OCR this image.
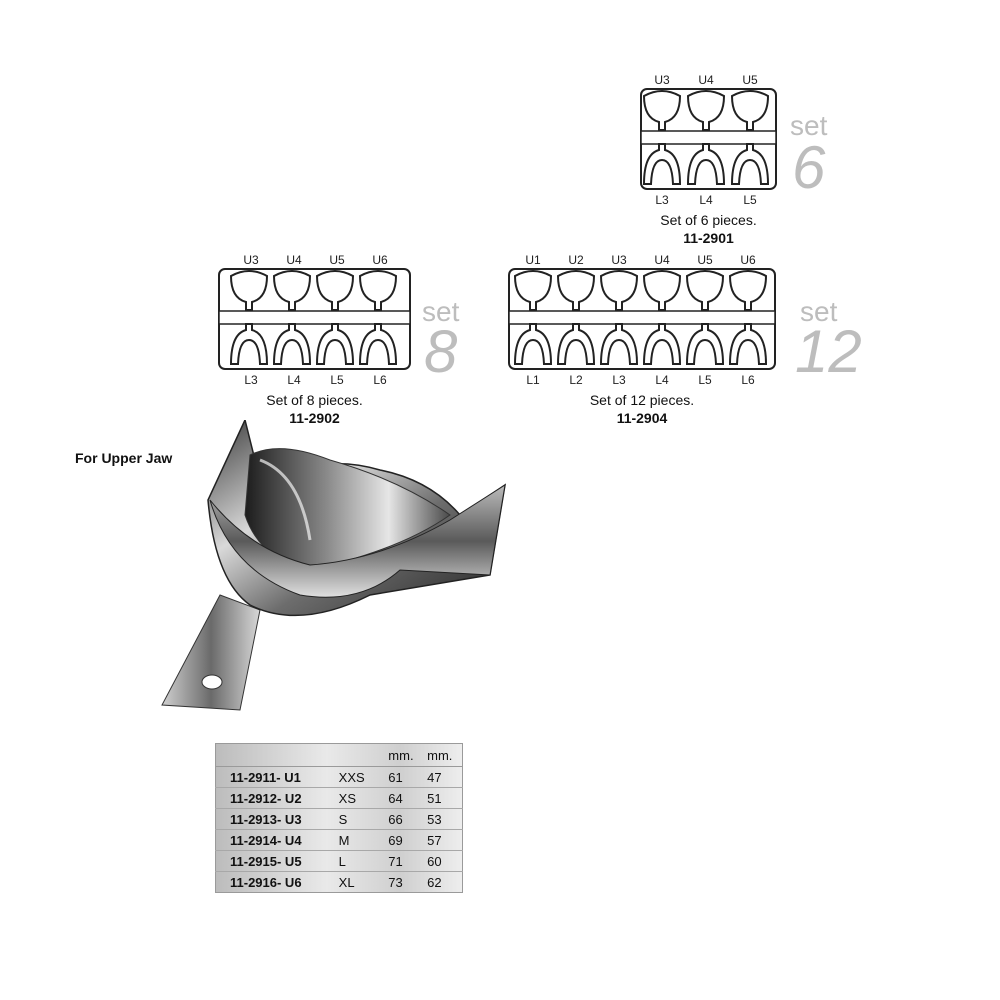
U3	U4	U5
set
6
L3	L4	L5
Set of 6 pieces.
11-2901
U3	U4	U5	U6
set
8
L3	L4	L5	L6
Set of 8 pieces.
11-2902
U1	U2	U3	U4	U5	U6
set
12
L1	L2	L3	L4	L5	L6
Set of 12 pieces.
11-2904
For Upper Jaw
		mm.	mm.
11-2911- U1	XXS	61	47
11-2912- U2	XS	64	51
11-2913- U3	S	66	53
11-2914- U4	M	69	57
11-2915- U5	L	71	60
11-2916- U6	XL	73	62
